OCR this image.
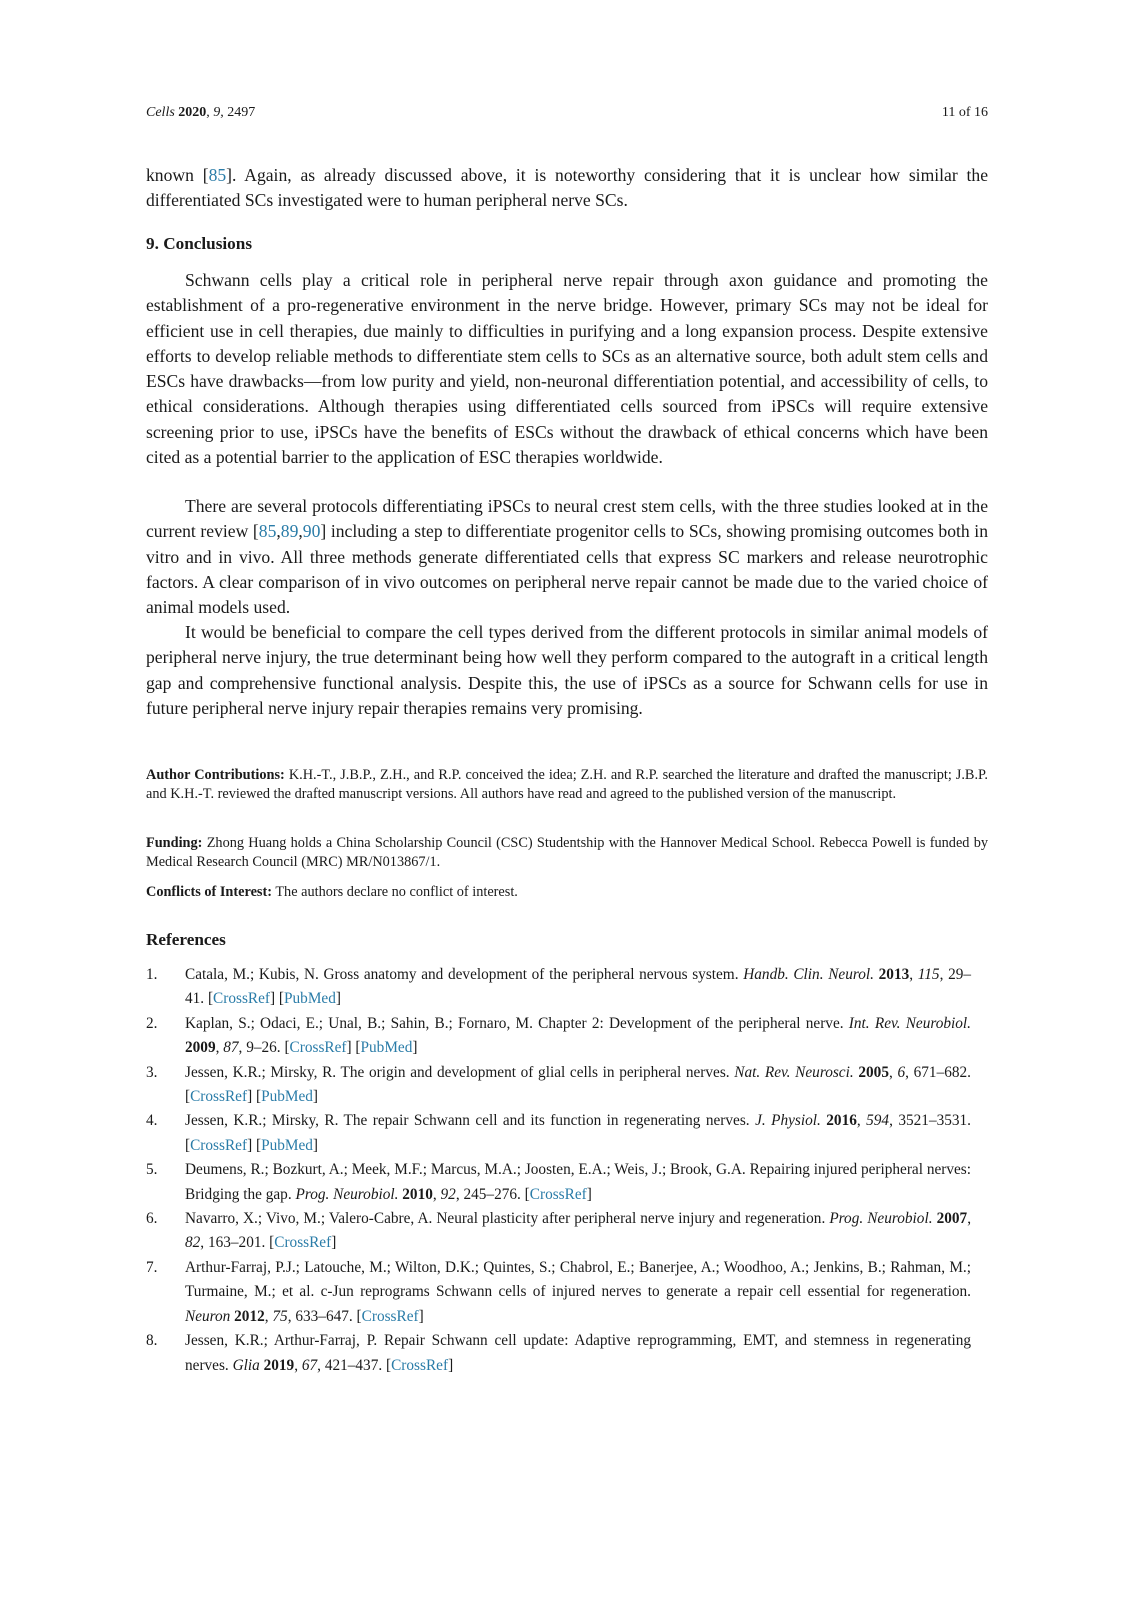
Cells 2020, 9, 2497	11 of 16

known [85]. Again, as already discussed above, it is noteworthy considering that it is unclear how similar the differentiated SCs investigated were to human peripheral nerve SCs.

9. Conclusions

Schwann cells play a critical role in peripheral nerve repair through axon guidance and promoting the establishment of a pro-regenerative environment in the nerve bridge. However, primary SCs may not be ideal for efficient use in cell therapies, due mainly to difficulties in purifying and a long expansion process. Despite extensive efforts to develop reliable methods to differentiate stem cells to SCs as an alternative source, both adult stem cells and ESCs have drawbacks—from low purity and yield, non-neuronal differentiation potential, and accessibility of cells, to ethical considerations. Although therapies using differentiated cells sourced from iPSCs will require extensive screening prior to use, iPSCs have the benefits of ESCs without the drawback of ethical concerns which have been cited as a potential barrier to the application of ESC therapies worldwide.

There are several protocols differentiating iPSCs to neural crest stem cells, with the three studies looked at in the current review [85,89,90] including a step to differentiate progenitor cells to SCs, showing promising outcomes both in vitro and in vivo. All three methods generate differentiated cells that express SC markers and release neurotrophic factors. A clear comparison of in vivo outcomes on peripheral nerve repair cannot be made due to the varied choice of animal models used.

It would be beneficial to compare the cell types derived from the different protocols in similar animal models of peripheral nerve injury, the true determinant being how well they perform compared to the autograft in a critical length gap and comprehensive functional analysis. Despite this, the use of iPSCs as a source for Schwann cells for use in future peripheral nerve injury repair therapies remains very promising.

Author Contributions: K.H.-T., J.B.P., Z.H., and R.P. conceived the idea; Z.H. and R.P. searched the literature and drafted the manuscript; J.B.P. and K.H.-T. reviewed the drafted manuscript versions. All authors have read and agreed to the published version of the manuscript.

Funding: Zhong Huang holds a China Scholarship Council (CSC) Studentship with the Hannover Medical School. Rebecca Powell is funded by Medical Research Council (MRC) MR/N013867/1.

Conflicts of Interest: The authors declare no conflict of interest.

References
1. Catala, M.; Kubis, N. Gross anatomy and development of the peripheral nervous system. Handb. Clin. Neurol. 2013, 115, 29–41. [CrossRef] [PubMed]
2. Kaplan, S.; Odaci, E.; Unal, B.; Sahin, B.; Fornaro, M. Chapter 2: Development of the peripheral nerve. Int. Rev. Neurobiol. 2009, 87, 9–26. [CrossRef] [PubMed]
3. Jessen, K.R.; Mirsky, R. The origin and development of glial cells in peripheral nerves. Nat. Rev. Neurosci. 2005, 6, 671–682. [CrossRef] [PubMed]
4. Jessen, K.R.; Mirsky, R. The repair Schwann cell and its function in regenerating nerves. J. Physiol. 2016, 594, 3521–3531. [CrossRef] [PubMed]
5. Deumens, R.; Bozkurt, A.; Meek, M.F.; Marcus, M.A.; Joosten, E.A.; Weis, J.; Brook, G.A. Repairing injured peripheral nerves: Bridging the gap. Prog. Neurobiol. 2010, 92, 245–276. [CrossRef]
6. Navarro, X.; Vivo, M.; Valero-Cabre, A. Neural plasticity after peripheral nerve injury and regeneration. Prog. Neurobiol. 2007, 82, 163–201. [CrossRef]
7. Arthur-Farraj, P.J.; Latouche, M.; Wilton, D.K.; Quintes, S.; Chabrol, E.; Banerjee, A.; Woodhoo, A.; Jenkins, B.; Rahman, M.; Turmaine, M.; et al. c-Jun reprograms Schwann cells of injured nerves to generate a repair cell essential for regeneration. Neuron 2012, 75, 633–647. [CrossRef]
8. Jessen, K.R.; Arthur-Farraj, P. Repair Schwann cell update: Adaptive reprogramming, EMT, and stemness in regenerating nerves. Glia 2019, 67, 421–437. [CrossRef]
